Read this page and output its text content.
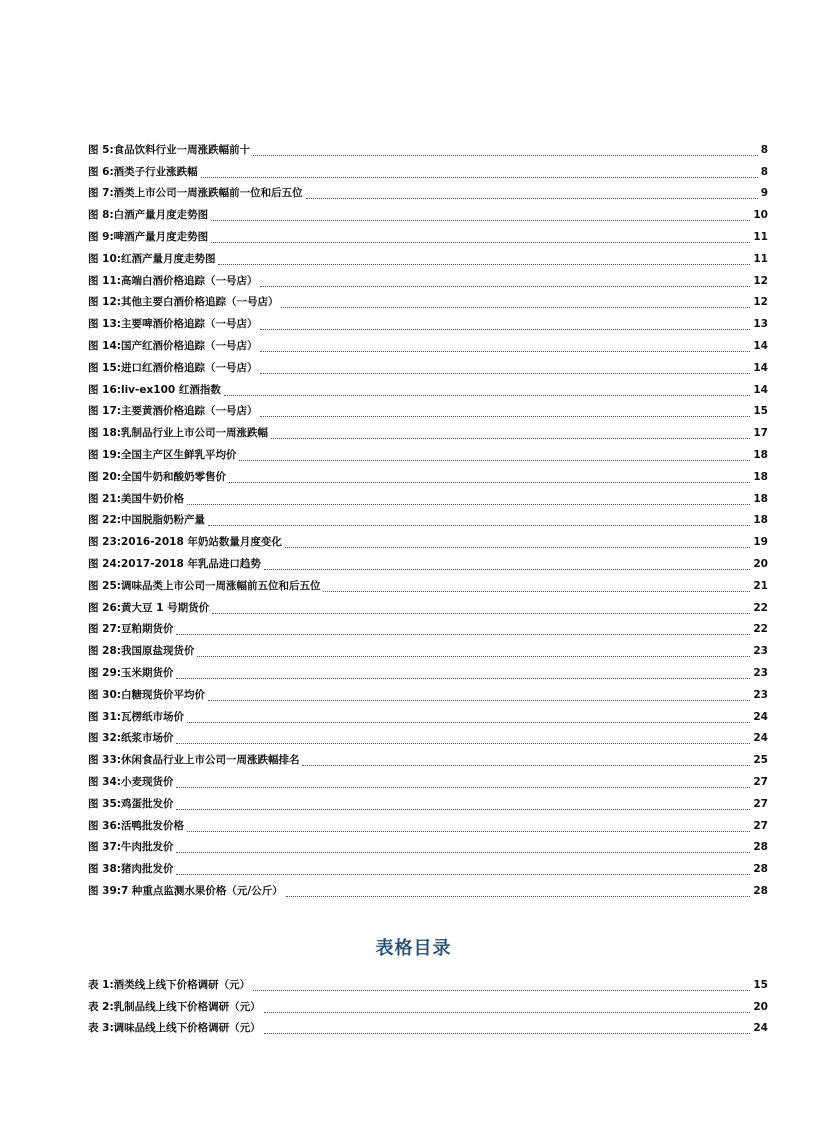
图 5:食品饮料行业一周涨跌幅前十	8
图 6:酒类子行业涨跌幅	8
图 7:酒类上市公司一周涨跌幅前一位和后五位	9
图 8:白酒产量月度走势图	10
图 9:啤酒产量月度走势图	11
图 10:红酒产量月度走势图	11
图 11:高端白酒价格追踪（一号店）	12
图 12:其他主要白酒价格追踪（一号店）	12
图 13:主要啤酒价格追踪（一号店）	13
图 14:国产红酒价格追踪（一号店）	14
图 15:进口红酒价格追踪（一号店）	14
图 16:liv-ex100 红酒指数	14
图 17:主要黄酒价格追踪（一号店）	15
图 18:乳制品行业上市公司一周涨跌幅	17
图 19:全国主产区生鲜乳平均价	18
图 20:全国牛奶和酸奶零售价	18
图 21:美国牛奶价格	18
图 22:中国脱脂奶粉产量	18
图 23:2016-2018 年奶站数量月度变化	19
图 24:2017-2018 年乳品进口趋势	20
图 25:调味品类上市公司一周涨幅前五位和后五位	21
图 26:黄大豆 1 号期货价	22
图 27:豆粕期货价	22
图 28:我国原盐现货价	23
图 29:玉米期货价	23
图 30:白糖现货价平均价	23
图 31:瓦楞纸市场价	24
图 32:纸浆市场价	24
图 33:休闲食品行业上市公司一周涨跌幅排名	25
图 34:小麦现货价	27
图 35:鸡蛋批发价	27
图 36:活鸭批发价格	27
图 37:牛肉批发价	28
图 38:猪肉批发价	28
图 39:7 种重点监测水果价格（元/公斤）	28
表格目录
表 1:酒类线上线下价格调研（元）	15
表 2:乳制品线上线下价格调研（元）	20
表 3:调味品线上线下价格调研（元）	24
